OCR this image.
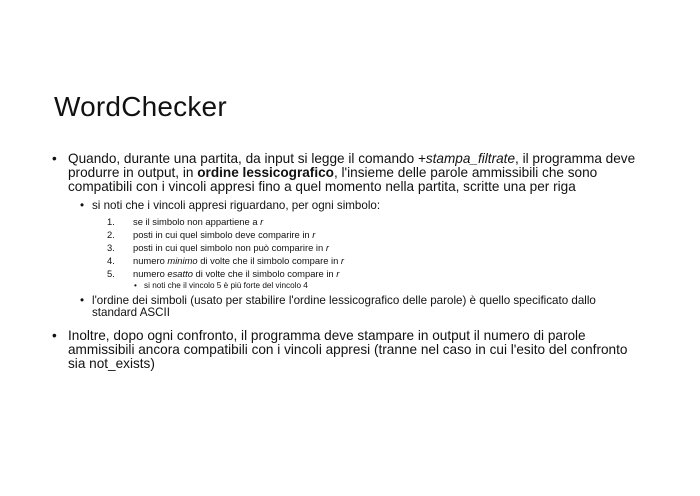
WordChecker
• Quando, durante una partita, da input si legge il comando +stampa_filtrate, il programma deve produrre in output, in ordine lessicografico, l'insieme delle parole ammissibili che sono compatibili con i vincoli appresi fino a quel momento nella partita, scritte una per riga
• si noti che i vincoli appresi riguardano, per ogni simbolo:
1. se il simbolo non appartiene a r
2. posti in cui quel simbolo deve comparire in r
3. posti in cui quel simbolo non può comparire in r
4. numero minimo di volte che il simbolo compare in r
5. numero esatto di volte che il simbolo compare in r
• si noti che il vincolo 5 è più forte del vincolo 4
• l'ordine dei simboli (usato per stabilire l'ordine lessicografico delle parole) è quello specificato dallo standard ASCII
• Inoltre, dopo ogni confronto, il programma deve stampare in output il numero di parole ammissibili ancora compatibili con i vincoli appresi (tranne nel caso in cui l'esito del confronto sia not_exists)
